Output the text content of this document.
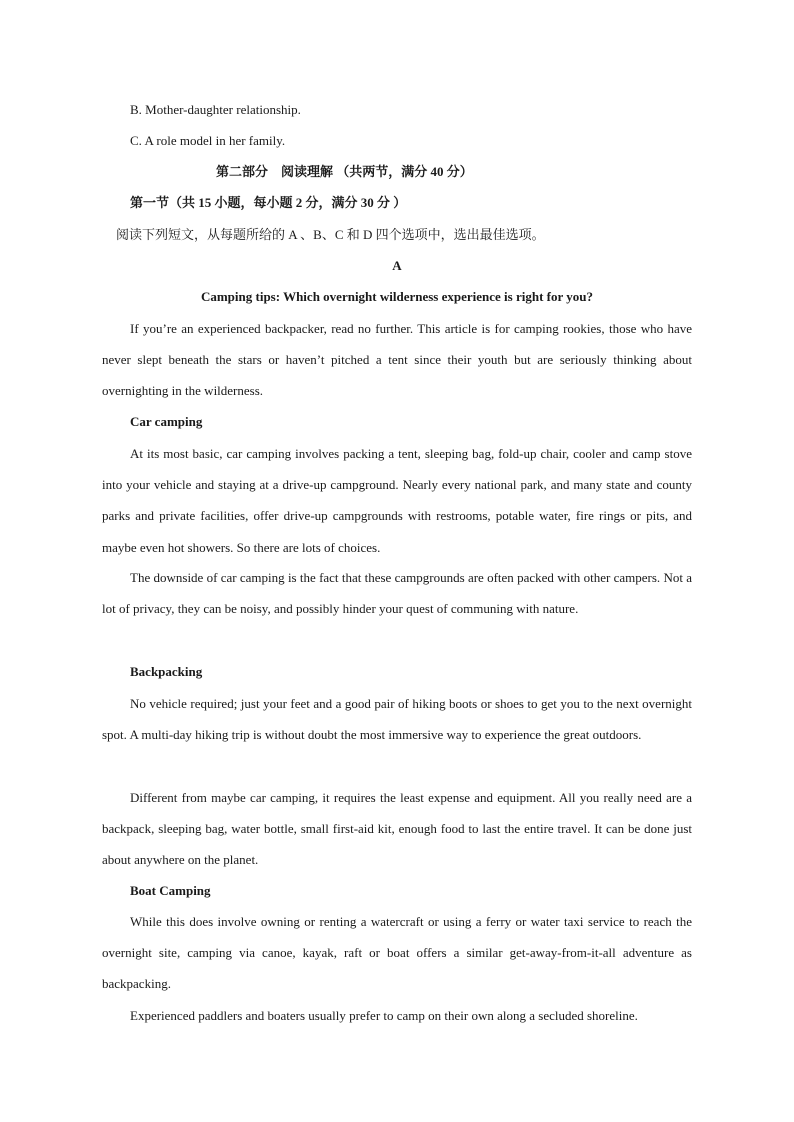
B. Mother-daughter relationship.
C. A role model in her family.
第二部分　阅读理解 （共两节，满分 40 分）
第一节（共 15 小题，每小题 2 分，满分 30 分 ）
阅读下列短文，从每题所给的 A 、B、C 和 D 四个选项中，选出最佳选项。
A
Camping tips: Which overnight wilderness experience is right for you?
If you’re an experienced backpacker, read no further. This article is for camping rookies, those who have never slept beneath the stars or haven’t pitched a tent since their youth but are seriously thinking about overnighting in the wilderness.
Car camping
At its most basic, car camping involves packing a tent, sleeping bag, fold-up chair, cooler and camp stove into your vehicle and staying at a drive-up campground. Nearly every national park, and many state and county parks and private facilities, offer drive-up campgrounds with restrooms, potable water, fire rings or pits, and maybe even hot showers. So there are lots of choices.
The downside of car camping is the fact that these campgrounds are often packed with other campers. Not a lot of privacy, they can be noisy, and possibly hinder your quest of communing with nature.
Backpacking
No vehicle required; just your feet and a good pair of hiking boots or shoes to get you to the next overnight spot. A multi-day hiking trip is without doubt the most immersive way to experience the great outdoors.
Different from maybe car camping, it requires the least expense and equipment. All you really need are a backpack, sleeping bag, water bottle, small first-aid kit, enough food to last the entire travel. It can be done just about anywhere on the planet.
Boat Camping
While this does involve owning or renting a watercraft or using a ferry or water taxi service to reach the overnight site, camping via canoe, kayak, raft or boat offers a similar get-away-from-it-all adventure as backpacking.
Experienced paddlers and boaters usually prefer to camp on their own along a secluded shoreline.
